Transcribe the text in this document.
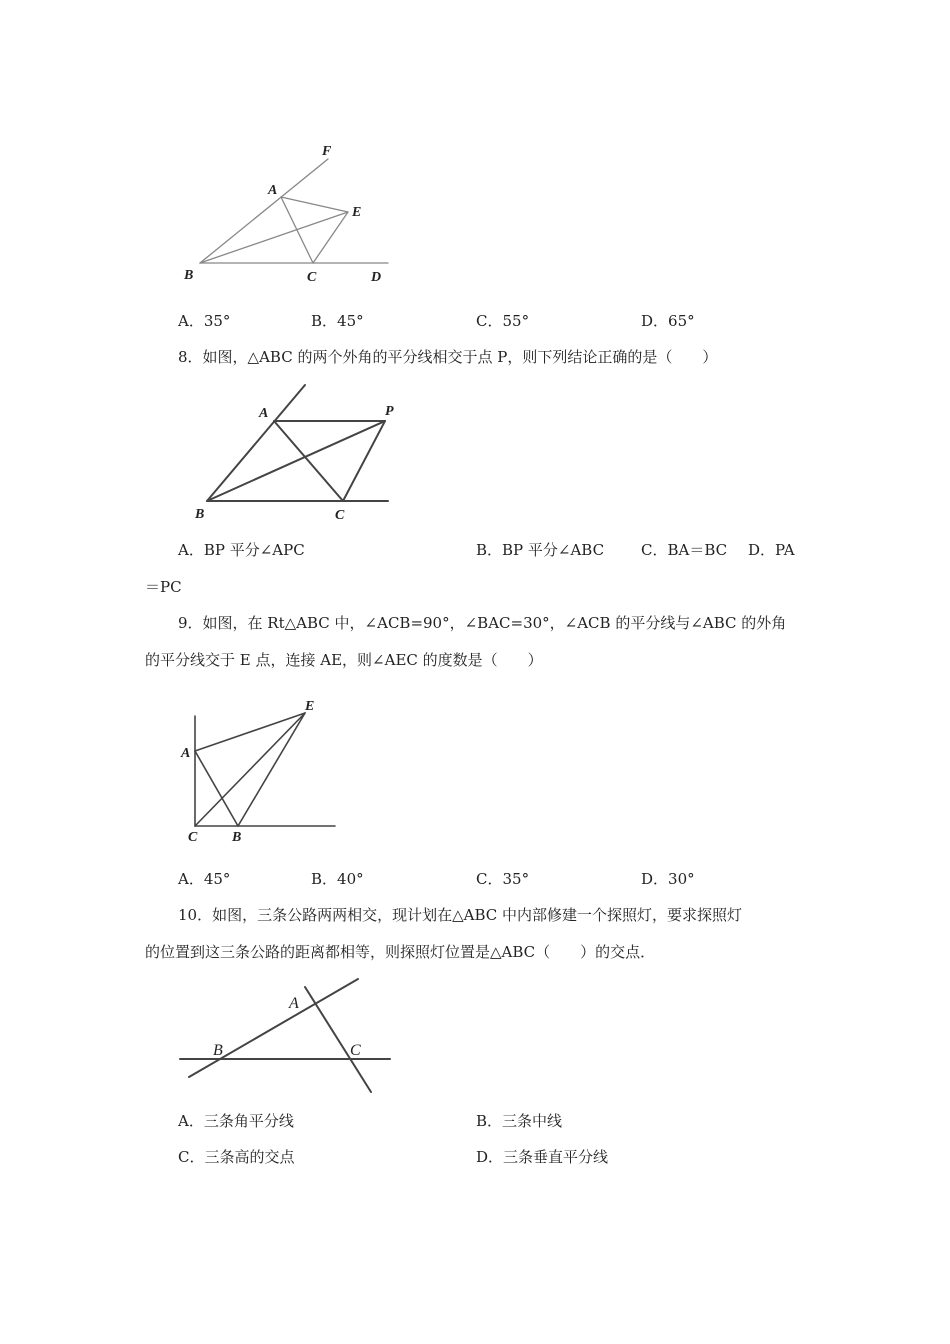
F
A
E
B	C	D
A．35°	B．45°	C．55°	D．65°
8．如图，△ABC 的两个外角的平分线相交于点 P，则下列结论正确的是（　　）
A	P
B	C
A．BP 平分∠APC	B．BP 平分∠ABC C．BA＝BC D．PA
＝PC
9．如图，在 Rt△ABC 中，∠ACB=90°，∠BAC=30°，∠ACB 的平分线与∠ABC 的外角
的平分线交于 E 点，连接 AE，则∠AEC 的度数是（　　）
E
A
C B
A．45°	B．40°	C．35°	D．30°
10．如图，三条公路两两相交，现计划在△ABC 中内部修建一个探照灯，要求探照灯
的位置到这三条公路的距离都相等，则探照灯位置是△ABC（　　）的交点．
A
B	C
A．三条角平分线	B．三条中线
C．三条高的交点	D．三条垂直平分线
